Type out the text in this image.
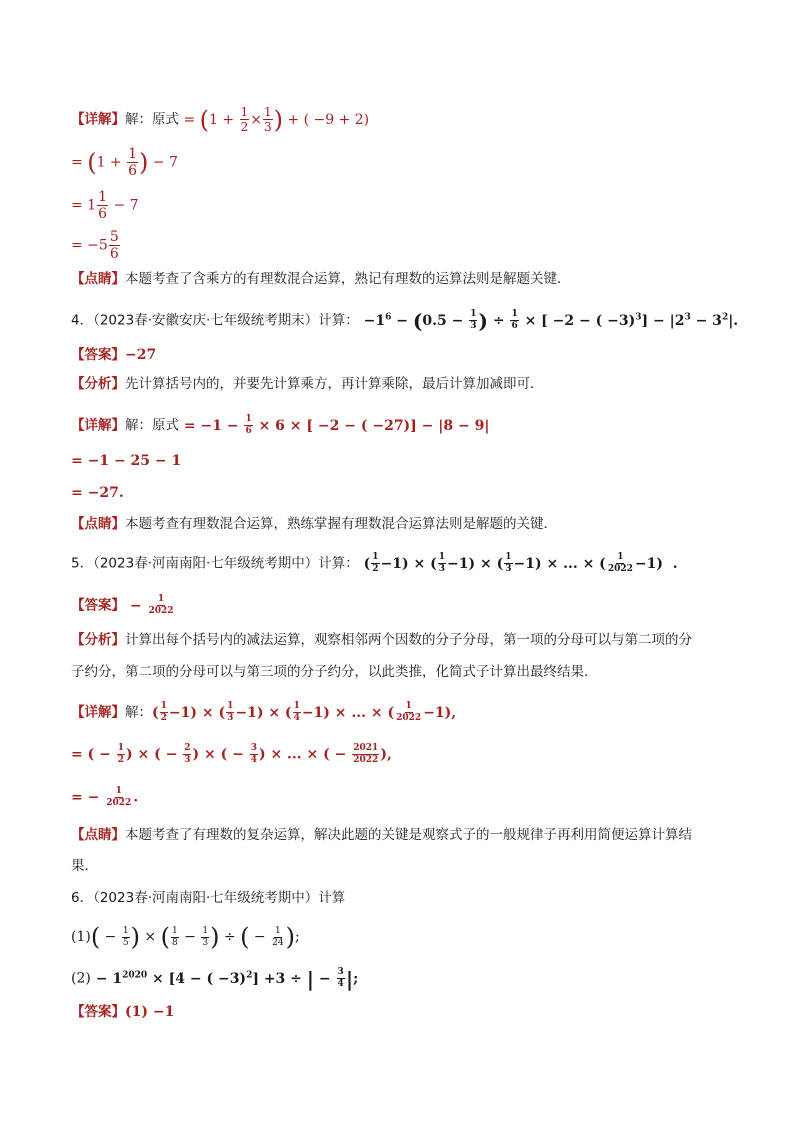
【详解】解：原式 = ($1 + \frac{1}{2} \times \frac{1}{3}$ ) + ( −9 + 2)
= ($1 + \frac{1}{6}$ ) − 7
= $1 \frac{1}{6} - 7$
= $-5 \frac{5}{6}$
【点睛】本题考查了含乘方的有理数混合运算，熟记有理数的运算法则是解题关键．
4．（2023春·安徽安庆·七年级统考期末）计算： $-1^6 - (0.5 - \frac{1}{3}$ ) ÷ $\frac{1}{6}$ × [ −2 − ( $-3)^3] - |2^3 - 3^2|$.
【答案】−27
【分析】先计算括号内的，并要先计算乘方，再计算乘除，最后计算加减即可．
【详解】解：原式 = $-1 - \frac{1}{6} \times 6$ × [ −2 − ( −27)] − |8 − 9|
= −1 − 25 − 1
= −27.
【点睛】本题考查有理数混合运算，熟练掌握有理数混合运算法则是解题的关键．
5．（2023春·河南南阳·七年级统考期中）计算： ( $\frac{1}{2} -1$) × ( $\frac{1}{3} -1$) × ( $\frac{1}{3} -1$) × ... × ( $\frac{1}{2022} -1$)  .
【答案】 − $\frac{1}{2022}$
【分析】计算出每个括号内的减法运算，观察相邻两个因数的分子分母，第一项的分母可以与第二项的分
子约分，第二项的分母可以与第三项的分子约分，以此类推，化简式子计算出最终结果．
【详解】解：( $\frac{1}{2} -1$) × ( $\frac{1}{3} -1$) × ( $\frac{1}{4} -1$) × ... × ( $\frac{1}{2022} -1$),
= ( − $\frac{1}{2}$ ) × ( − $\frac{2}{3}$ ) × ( − $\frac{3}{4}$ ) × ... × ( − $\frac{2021}{2022}$ ),
= − $\frac{1}{2022}$ .
【点睛】本题考查了有理数的复杂运算，解决此题的关键是观察式子的一般规律子再利用简便运算计算结
果．
6．（2023春·河南南阳·七年级统考期中）计算
$(1)( - \frac{1}{5}$ ) × ( $\frac{1}{8} - \frac{1}{3}$ ) ÷ ( − $\frac{1}{24}$ );
$(2) - 1^{2020} \times [4$ − ( −3)$^2$] +3 ÷ | − $\frac{3}{4}$ |;
【答案】(1) −1
